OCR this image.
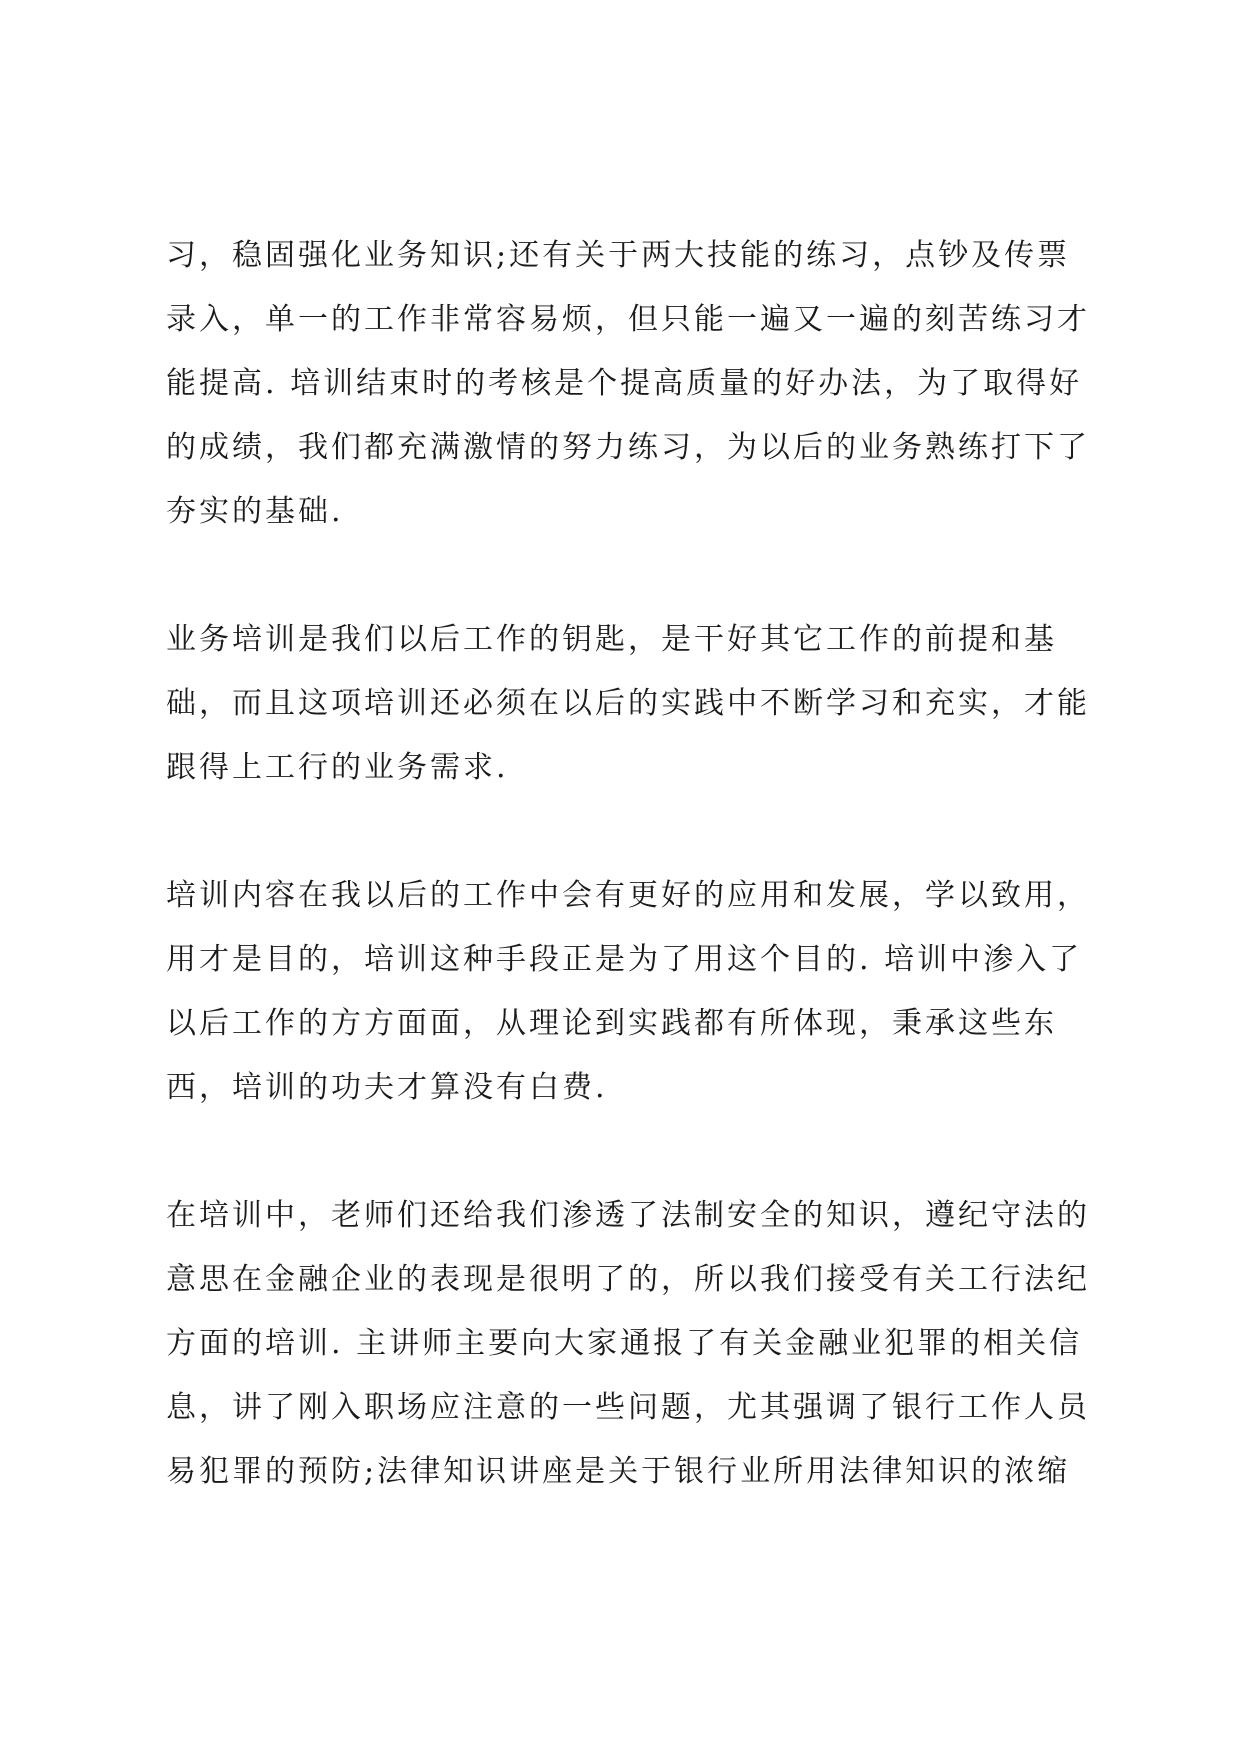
习，稳固强化业务知识;还有关于两大技能的练习，点钞及传票
录入，单一的工作非常容易烦，但只能一遍又一遍的刻苦练习才
能提高. 培训结束时的考核是个提高质量的好办法，为了取得好
的成绩，我们都充满激情的努力练习，为以后的业务熟练打下了
夯实的基础.

业务培训是我们以后工作的钥匙，是干好其它工作的前提和基
础，而且这项培训还必须在以后的实践中不断学习和充实，才能
跟得上工行的业务需求.

培训内容在我以后的工作中会有更好的应用和发展，学以致用，
用才是目的，培训这种手段正是为了用这个目的. 培训中渗入了
以后工作的方方面面，从理论到实践都有所体现，秉承这些东
西，培训的功夫才算没有白费.

在培训中，老师们还给我们渗透了法制安全的知识，遵纪守法的
意思在金融企业的表现是很明了的，所以我们接受有关工行法纪
方面的培训. 主讲师主要向大家通报了有关金融业犯罪的相关信
息，讲了刚入职场应注意的一些问题，尤其强调了银行工作人员
易犯罪的预防;法律知识讲座是关于银行业所用法律知识的浓缩
